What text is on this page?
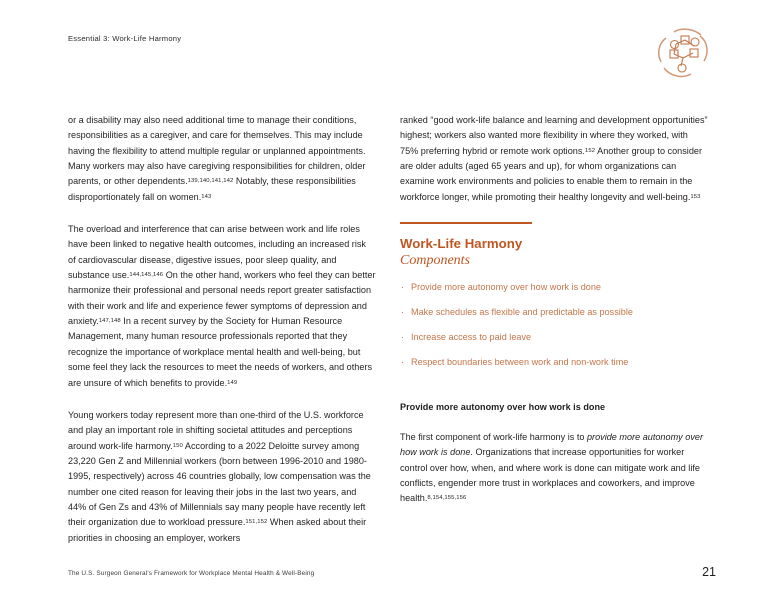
Essential 3: Work-Life Harmony

or a disability may also need additional time to manage their conditions, responsibilities as a caregiver, and care for themselves. This may include having the flexibility to attend multiple regular or unplanned appointments. Many workers may also have caregiving responsibilities for children, older parents, or other dependents.$^{139,140,141,142}$ Notably, these responsibilities disproportionately fall on women.$^{143}$

The overload and interference that can arise between work and life roles have been linked to negative health outcomes, including an increased risk of cardiovascular disease, digestive issues, poor sleep quality, and substance use.$^{144,145,146}$ On the other hand, workers who feel they can better harmonize their professional and personal needs report greater satisfaction with their work and life and experience fewer symptoms of depression and anxiety.$^{147,148}$ In a recent survey by the Society for Human Resource Management, many human resource professionals reported that they recognize the importance of workplace mental health and well-being, but some feel they lack the resources to meet the needs of workers, and others are unsure of which benefits to provide.$^{149}$

Young workers today represent more than one-third of the U.S. workforce and play an important role in shifting societal attitudes and perceptions around work-life harmony.$^{150}$ According to a 2022 Deloitte survey among 23,220 Gen Z and Millennial workers (born between 1996-2010 and 1980-1995, respectively) across 46 countries globally, low compensation was the number one cited reason for leaving their jobs in the last two years, and 44% of Gen Zs and 43% of Millennials say many people have recently left their organization due to workload pressure.$^{151,152}$ When asked about their priorities in choosing an employer, workers

ranked “good work-life balance and learning and development opportunities” highest; workers also wanted more flexibility in where they worked, with 75% preferring hybrid or remote work options.$^{152}$ Another group to consider are older adults (aged 65 years and up), for whom organizations can examine work environments and policies to enable them to remain in the workforce longer, while promoting their healthy longevity and well-being.$^{153}$

Work-Life Harmony
Components
· Provide more autonomy over how work is done
· Make schedules as flexible and predictable as possible
· Increase access to paid leave
· Respect boundaries between work and non-work time
Provide more autonomy over how work is done

The first component of work-life harmony is to provide more autonomy over how work is done. Organizations that increase opportunities for worker control over how, when, and where work is done can mitigate work and life conflicts, engender more trust in workplaces and coworkers, and improve health.$^{8,154,155,156}$

The U.S. Surgeon General’s Framework for Workplace Mental Health & Well-Being	21
